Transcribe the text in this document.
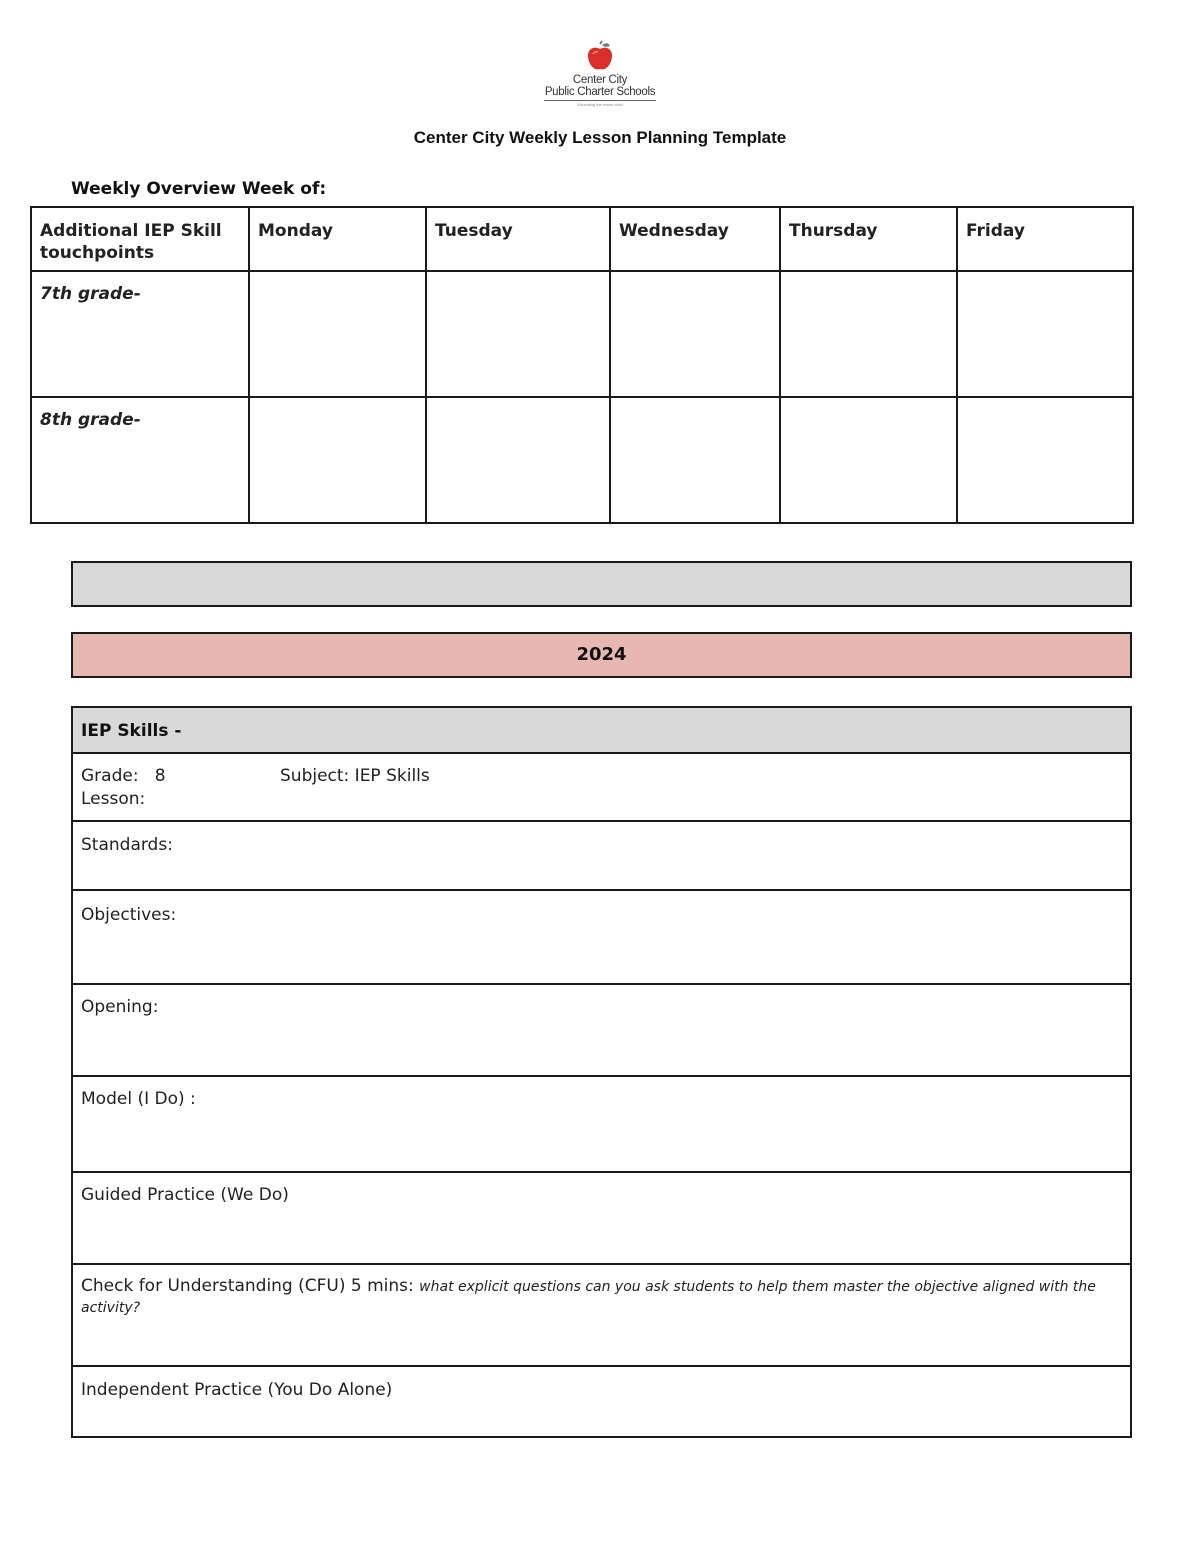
Center City
Public Charter Schools
Educating the whole child
Center City Weekly Lesson Planning Template
Weekly Overview Week of:
Additional IEP Skill touchpoints	Monday	Tuesday	Wednesday	Thursday	Friday
7th grade-					
8th grade-					
2024
IEP Skills -
Grade:   8
Lesson:
Subject: IEP Skills
Standards:
Objectives:
Opening:
Model (I Do) :
Guided Practice (We Do)
Check for Understanding (CFU) 5 mins: what explicit questions can you ask students to help them master the objective aligned with the activity?
Independent Practice (You Do Alone)
